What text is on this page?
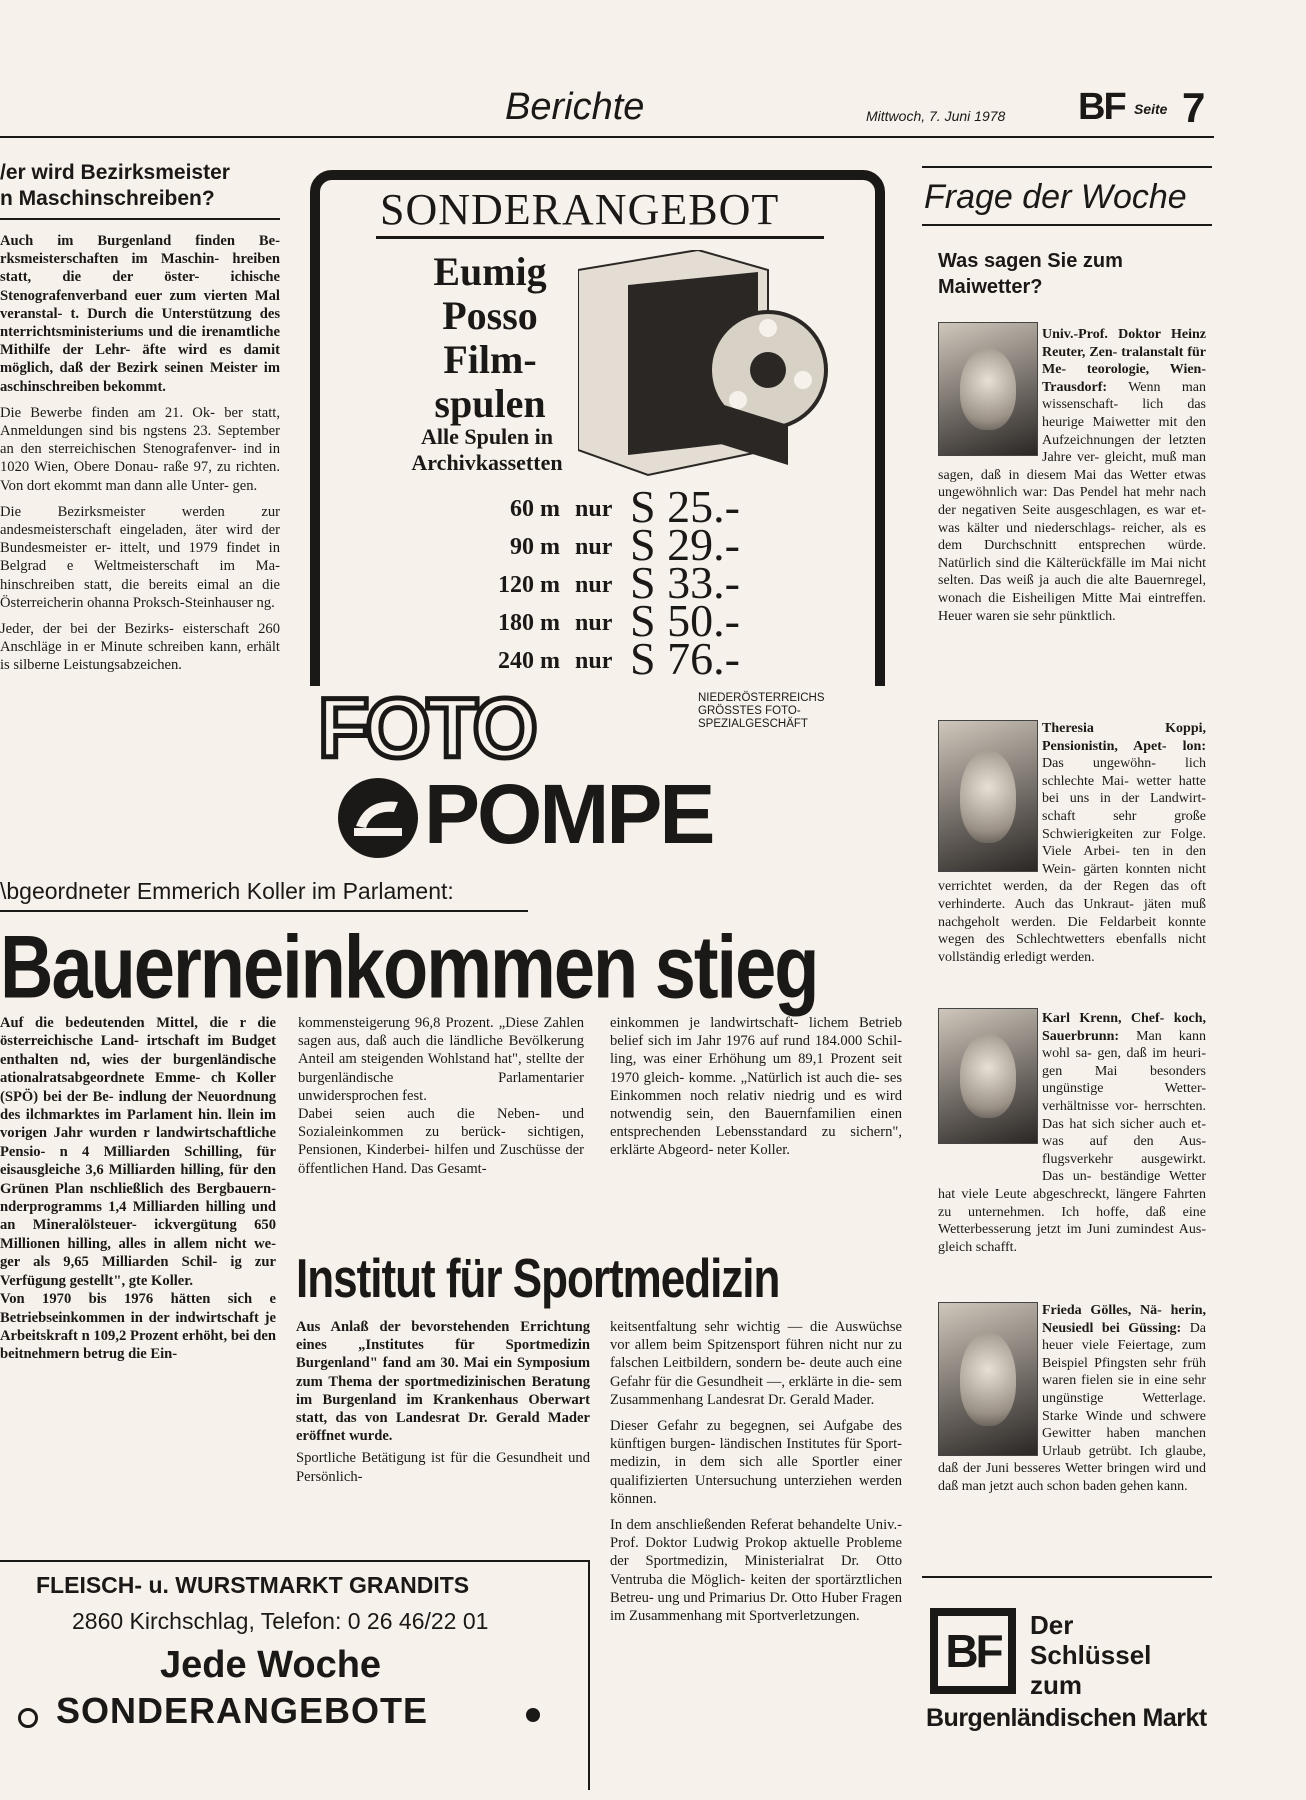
Berichte	Mittwoch, 7. Juni 1978 BF Seite 7
/er wird Bezirksmeister
n Maschinschreiben?

Auch im Burgenland finden Be- rksmeisterschaften im Maschin- hreiben statt, die der öster- ichische Stenografenverband euer zum vierten Mal veranstal- t. Durch die Unterstützung des nterrichtsministeriums und die irenamtliche Mithilfe der Lehr- äfte wird es damit möglich, daß der Bezirk seinen Meister im aschinschreiben bekommt.

Die Bewerbe finden am 21. Ok- ber statt, Anmeldungen sind bis ngstens 23. September an den sterreichischen Stenografenver- ind in 1020 Wien, Obere Donau- raße 97, zu richten. Von dort ekommt man dann alle Unter- gen.

Die Bezirksmeister werden zur andesmeisterschaft eingeladen, äter wird der Bundesmeister er- ittelt, und 1979 findet in Belgrad e Weltmeisterschaft im Ma- hinschreiben statt, die bereits eimal an die Österreicherin ohanna Proksch-Steinhauser ng.

Jeder, der bei der Bezirks- eisterschaft 260 Anschläge in er Minute schreiben kann, erhält is silberne Leistungsabzeichen.

SONDERANGEBOT
Eumig
Posso
Film-
spulen
Alle Spulen in
Archivkassetten
60 m nur S 25.-
90 m nur S 29.-
120 m nur S 33.-
180 m nur S 50.-
240 m nur S 76.-
FOTO	NIEDERÖSTERREICHS
GRÖSSTES FOTO-
SPEZIALGESCHÄFT
POMPE
Frage der Woche
Was sagen Sie zum Maiwetter?
Univ.-Prof. Doktor Heinz Reuter, Zen- tralanstalt für Me- teorologie, Wien- Trausdorf: Wenn man wissenschaft- lich das heurige Maiwetter mit den Aufzeichnungen der letzten Jahre ver- gleicht, muß man sagen, daß in diesem Mai das Wetter etwas ungewöhnlich war: Das Pendel hat mehr nach der negativen Seite ausgeschlagen, es war et- was kälter und niederschlags- reicher, als es dem Durchschnitt entsprechen würde. Natürlich sind die Kälterückfälle im Mai nicht selten. Das weiß ja auch die alte Bauernregel, wonach die Eisheiligen Mitte Mai eintreffen. Heuer waren sie sehr pünktlich.
Theresia Koppi, Pensionistin, Apet- lon: Das ungewöhn- lich schlechte Mai- wetter hatte bei uns in der Landwirt- schaft sehr große Schwierigkeiten zur Folge. Viele Arbei- ten in den Wein- gärten konnten nicht verrichtet werden, da der Regen das oft verhinderte. Auch das Unkraut- jäten muß nachgeholt werden. Die Feldarbeit konnte wegen des Schlechtwetters ebenfalls nicht vollständig erledigt werden.
Karl Krenn, Chef- koch, Sauerbrunn: Man kann wohl sa- gen, daß im heuri- gen Mai besonders ungünstige Wetter- verhältnisse vor- herrschten. Das hat sich sicher auch et- was auf den Aus- flugsverkehr ausgewirkt. Das un- beständige Wetter hat viele Leute abgeschreckt, längere Fahrten zu unternehmen. Ich hoffe, daß eine Wetterbesserung jetzt im Juni zumindest Aus- gleich schafft.
Frieda Gölles, Nä- herin, Neusiedl bei Güssing: Da heuer viele Feiertage, zum Beispiel Pfingsten sehr früh waren fielen sie in eine sehr ungünstige Wetterlage. Starke Winde und schwere Gewitter haben manchen Urlaub getrübt. Ich glaube, daß der Juni besseres Wetter bringen wird und daß man jetzt auch schon baden gehen kann.
\bgeordneter Emmerich Koller im Parlament:
Bauerneinkommen stieg

Auf die bedeutenden Mittel, die r die österreichische Land- irtschaft im Budget enthalten nd, wies der burgenländische ationalratsabgeordnete Emme- ch Koller (SPÖ) bei der Be- indlung der Neuordnung des ilchmarktes im Parlament hin. llein im vorigen Jahr wurden r landwirtschaftliche Pensio- n 4 Milliarden Schilling, für eisausgleiche 3,6 Milliarden hilling, für den Grünen Plan nschließlich des Bergbauern- nderprogramms 1,4 Milliarden hilling und an Mineralölsteuer- ickvergütung 650 Millionen hilling, alles in allem nicht we- ger als 9,65 Milliarden Schil- ig zur Verfügung gestellt", gte Koller.

Von 1970 bis 1976 hätten sich e Betriebseinkommen in der indwirtschaft je Arbeitskraft n 109,2 Prozent erhöht, bei den beitnehmern betrug die Ein-

kommensteigerung 96,8 Prozent. „Diese Zahlen sagen aus, daß auch die ländliche Bevölkerung Anteil am steigenden Wohlstand hat", stellte der burgenländische Parlamentarier unwidersprochen fest.

Dabei seien auch die Neben- und Sozialeinkommen zu berück- sichtigen, Pensionen, Kinderbei- hilfen und Zuschüsse der öffentlichen Hand. Das Gesamt-

einkommen je landwirtschaft- lichem Betrieb belief sich im Jahr 1976 auf rund 184.000 Schil- ling, was einer Erhöhung um 89,1 Prozent seit 1970 gleich- komme. „Natürlich ist auch die- ses Einkommen noch relativ niedrig und es wird notwendig sein, den Bauernfamilien einen entsprechenden Lebensstandard zu sichern", erklärte Abgeord- neter Koller.

Institut für Sportmedizin

Aus Anlaß der bevorstehenden Errichtung eines „Institutes für Sportmedizin Burgenland" fand am 30. Mai ein Symposium zum Thema der sportmedizinischen Beratung im Burgenland im Krankenhaus Oberwart statt, das von Landesrat Dr. Gerald Mader eröffnet wurde.

Sportliche Betätigung ist für die Gesundheit und Persönlich-

keitsentfaltung sehr wichtig — die Auswüchse vor allem beim Spitzensport führen nicht nur zu falschen Leitbildern, sondern be- deute auch eine Gefahr für die Gesundheit —, erklärte in die- sem Zusammenhang Landesrat Dr. Gerald Mader.

Dieser Gefahr zu begegnen, sei Aufgabe des künftigen burgen- ländischen Institutes für Sport- medizin, in dem sich alle Sportler einer qualifizierten Untersuchung unterziehen werden können.

In dem anschließenden Referat behandelte Univ.-Prof. Doktor Ludwig Prokop aktuelle Probleme der Sportmedizin, Ministerialrat Dr. Otto Ventruba die Möglich- keiten der sportärztlichen Betreu- ung und Primarius Dr. Otto Huber Fragen im Zusammenhang mit Sportverletzungen.

FLEISCH- u. WURSTMARKT GRANDITS
2860 Kirchschlag, Telefon: 0 26 46/22 01
Jede Woche
SONDERANGEBOTE
BF Der
Schlüssel
zum
Burgenländischen Markt
